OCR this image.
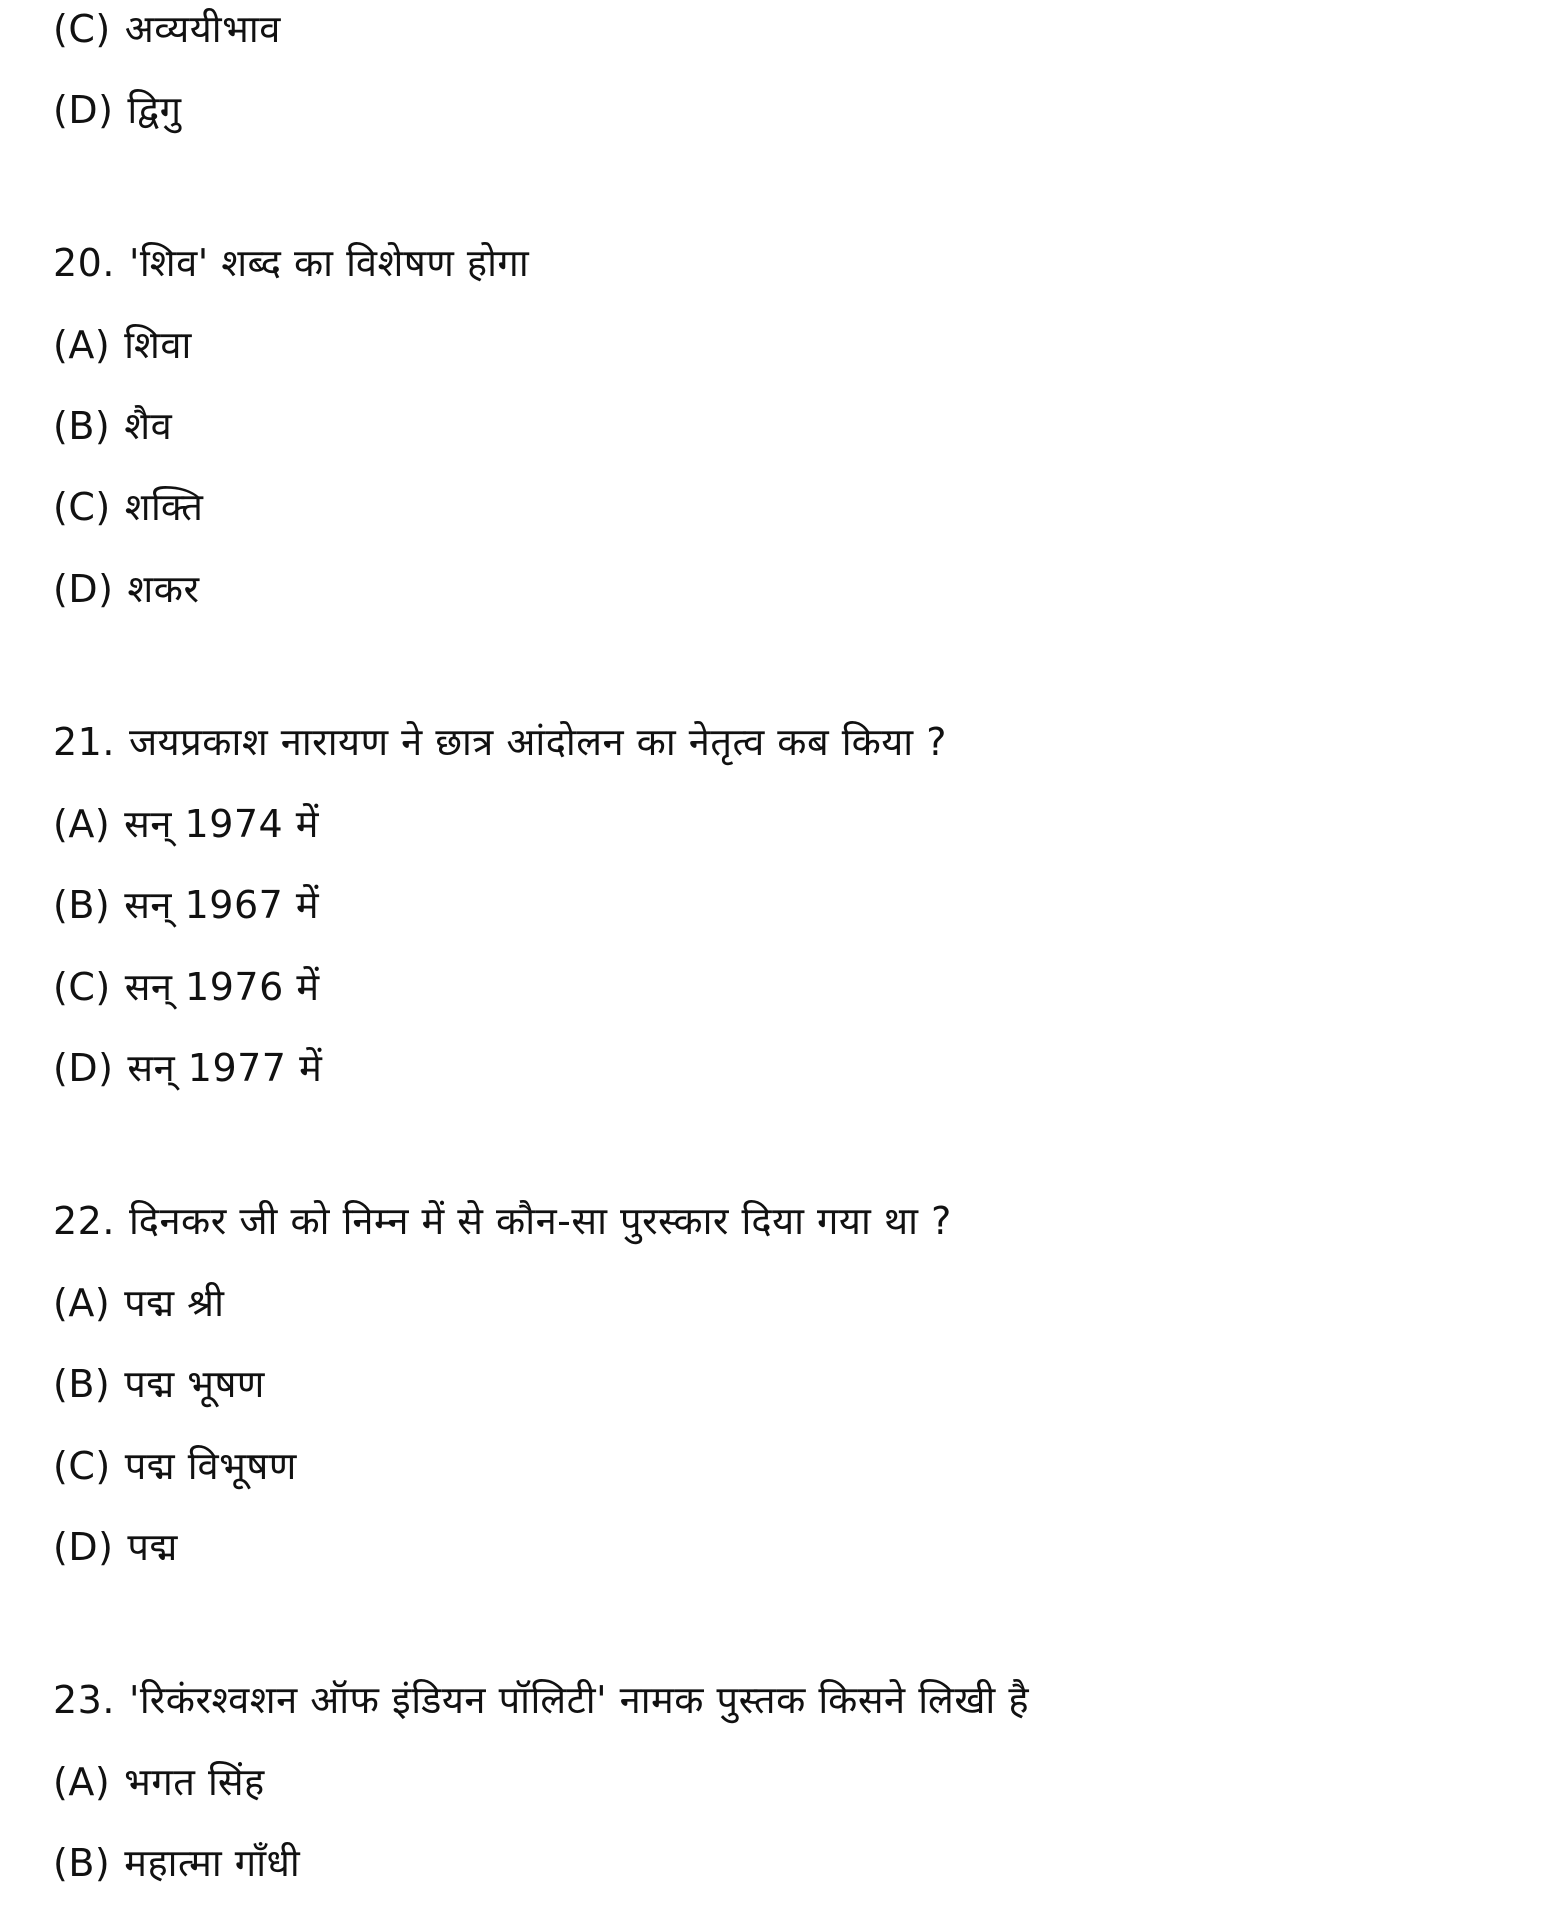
(C) अव्ययीभाव
(D) द्विगु
20. 'शिव' शब्द का विशेषण होगा
(A) शिवा
(B) शैव
(C) शक्ति
(D) शकर
21. जयप्रकाश नारायण ने छात्र आंदोलन का नेतृत्व कब किया ?
(A) सन् 1974 में
(B) सन् 1967 में
(C) सन् 1976 में
(D) सन् 1977 में
22. दिनकर जी को निम्न में से कौन-सा पुरस्कार दिया गया था ?
(A) पद्म श्री
(B) पद्म भूषण
(C) पद्म विभूषण
(D) पद्म
23. 'रिकंरश्वशन ऑफ इंडियन पॉलिटी' नामक पुस्तक किसने लिखी है
(A) भगत सिंह
(B) महात्मा गाँधी
